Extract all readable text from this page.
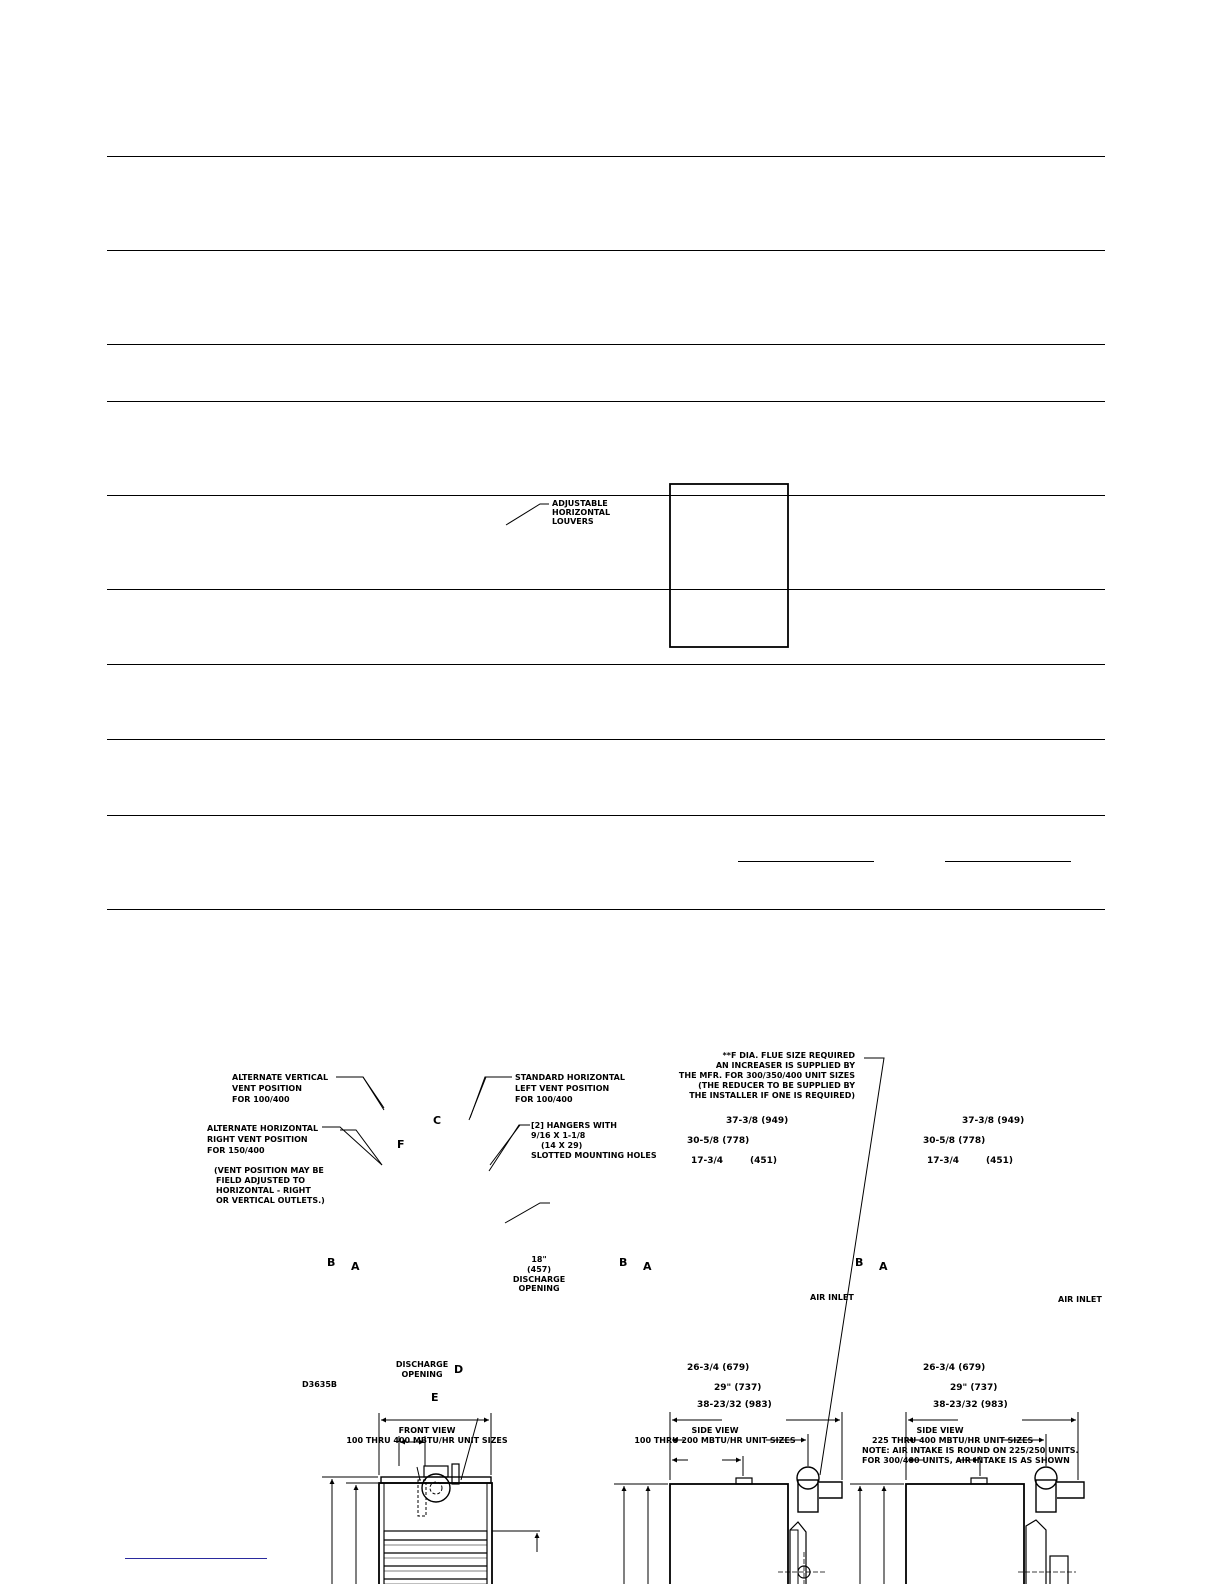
ALTERNATE VERTICAL VENT POSITION FOR 100/400
STANDARD HORIZONTAL LEFT VENT POSITION FOR 100/400
ALTERNATE HORIZONTAL RIGHT VENT POSITION FOR 150/400
(VENT POSITION MAY BE FIELD ADJUSTED TO HORIZONTAL - RIGHT OR VERTICAL OUTLETS.)
[2] HANGERS WITH 9/16 X 1-1/8 (14 X 29) SLOTTED MOUNTING HOLES
ADJUSTABLE HORIZONTAL LOUVERS
18" (457) DISCHARGE OPENING
C
F
B A
DISCHARGE OPENING	D
E
D3635B
FRONT VIEW 100 THRU 400 MBTU/HR UNIT SIZES
**F DIA. FLUE SIZE REQUIRED AN INCREASER IS SUPPLIED BY THE MFR. FOR 300/350/400 UNIT SIZES (THE REDUCER TO BE SUPPLIED BY THE INSTALLER IF ONE IS REQUIRED)
37-3/8 (949)
30-5/8 (778)
17-3/4	(451)
B A
AIR INLET
26-3/4 (679)
29" (737)
38-23/32 (983)
SIDE VIEW 100 THRU 200 MBTU/HR UNIT SIZES
37-3/8 (949)
30-5/8 (778)
17-3/4	(451)
B A
AIR INLET
26-3/4 (679)
29" (737)
38-23/32 (983)
SIDE VIEW 225 THRU 400 MBTU/HR UNIT SIZES NOTE: AIR INTAKE IS ROUND ON 225/250 UNITS. FOR 300/400 UNITS, AIR INTAKE IS AS SHOWN
